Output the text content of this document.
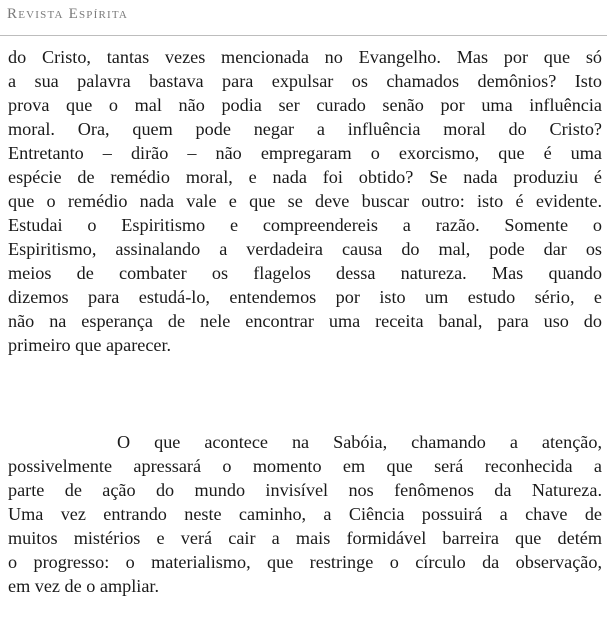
Revista Espírita
do Cristo, tantas vezes mencionada no Evangelho. Mas por que só
a sua palavra bastava para expulsar os chamados demônios? Isto
prova que o mal não podia ser curado senão por uma influência
moral. Ora, quem pode negar a influência moral do Cristo?
Entretanto – dirão – não empregaram o exorcismo, que é uma
espécie de remédio moral, e nada foi obtido? Se nada produziu é
que o remédio nada vale e que se deve buscar outro: isto é evidente.
Estudai o Espiritismo e compreendereis a razão. Somente o
Espiritismo, assinalando a verdadeira causa do mal, pode dar os
meios de combater os flagelos dessa natureza. Mas quando
dizemos para estudá-lo, entendemos por isto um estudo sério, e
não na esperança de nele encontrar uma receita banal, para uso do
primeiro que aparecer.
O que acontece na Sabóia, chamando a atenção,
possivelmente apressará o momento em que será reconhecida a
parte de ação do mundo invisível nos fenômenos da Natureza.
Uma vez entrando neste caminho, a Ciência possuirá a chave de
muitos mistérios e verá cair a mais formidável barreira que detém
o progresso: o materialismo, que restringe o círculo da observação,
em vez de o ampliar.
